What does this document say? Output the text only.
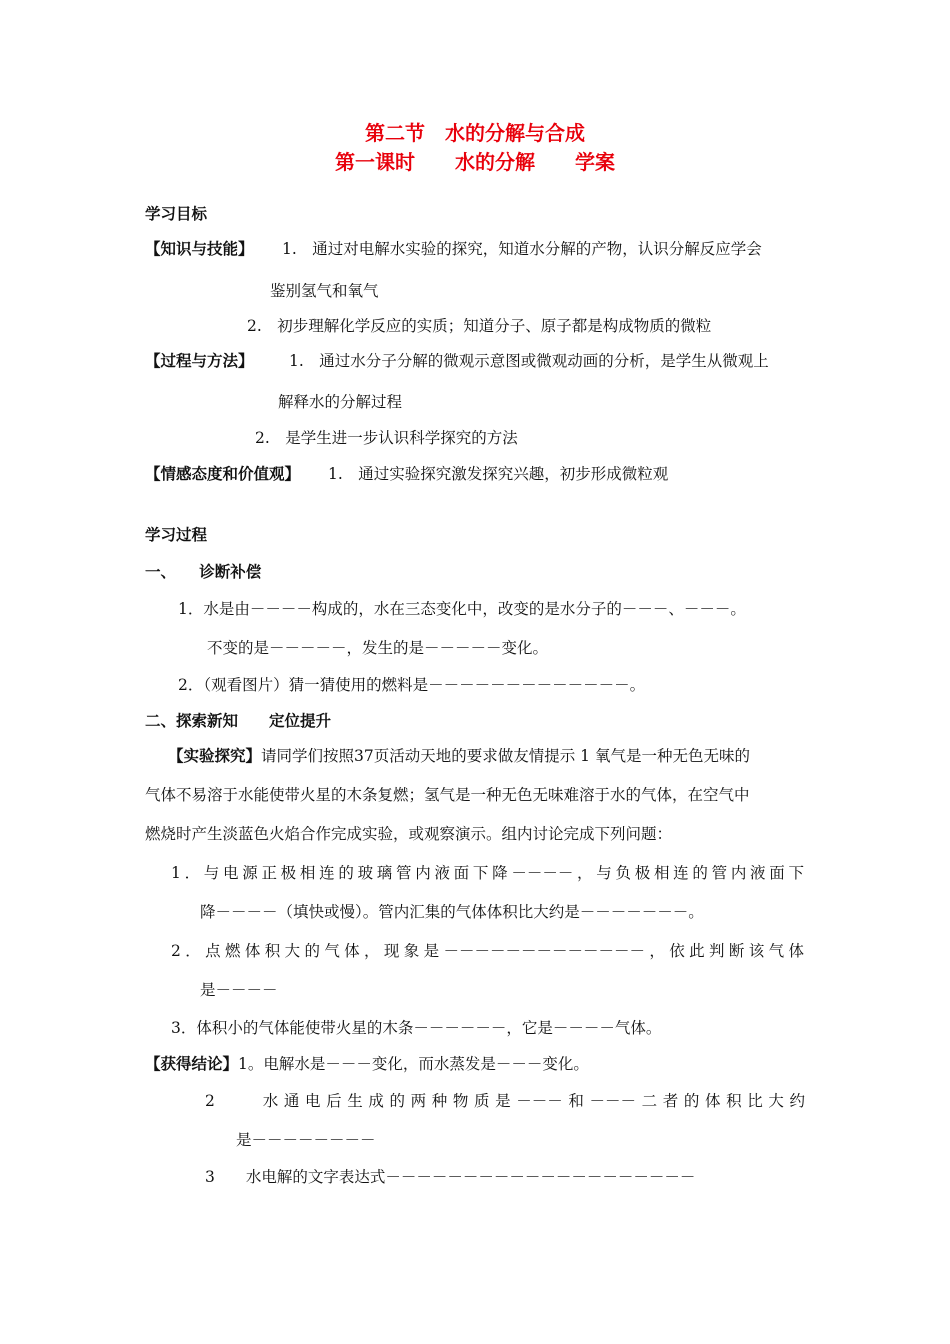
第二节　水的分解与合成
第一课时　　水的分解　　学案
学习目标
【知识与技能】 1.　通过对电解水实验的探究，知道水分解的产物，认识分解反应学会
鉴别氢气和氧气
2.　初步理解化学反应的实质；知道分子、原子都是构成物质的微粒
【过程与方法】 1.　通过水分子分解的微观示意图或微观动画的分析，是学生从微观上
解释水的分解过程
2.　是学生进一步认识科学探究的方法
【情感态度和价值观】 1.　通过实验探究激发探究兴趣，初步形成微粒观
学习过程
一、　　诊断补偿
1．水是由－－－－构成的，水在三态变化中，改变的是水分子的－－－、－－－。
不变的是－－－－－，发生的是－－－－－变化。
2．（观看图片）猜一猜使用的燃料是－－－－－－－－－－－－－。
二、探索新知　　定位提升
【实验探究】请同学们按照37页活动天地的要求做友情提示 1 氧气是一种无色无味的
气体不易溶于水能使带火星的木条复燃；氢气是一种无色无味难溶于水的气体，在空气中
燃烧时产生淡蓝色火焰合作完成实验，或观察演示。组内讨论完成下列问题：
1．与电源正极相连的玻璃管内液面下降－－－－，与负极相连的管内液面下
降－－－－（填快或慢）。管内汇集的气体体积比大约是－－－－－－－。
2．点燃体积大的气体，现象是－－－－－－－－－－－－－，依此判断该气体
是－－－－
3．体积小的气体能使带火星的木条－－－－－－，它是－－－－气体。
【获得结论】1。电解水是－－－变化，而水蒸发是－－－变化。
2　　水通电后生成的两种物质是－－－和－－－二者的体积比大约
是－－－－－－－－
3　　水电解的文字表达式－－－－－－－－－－－－－－－－－－－－
